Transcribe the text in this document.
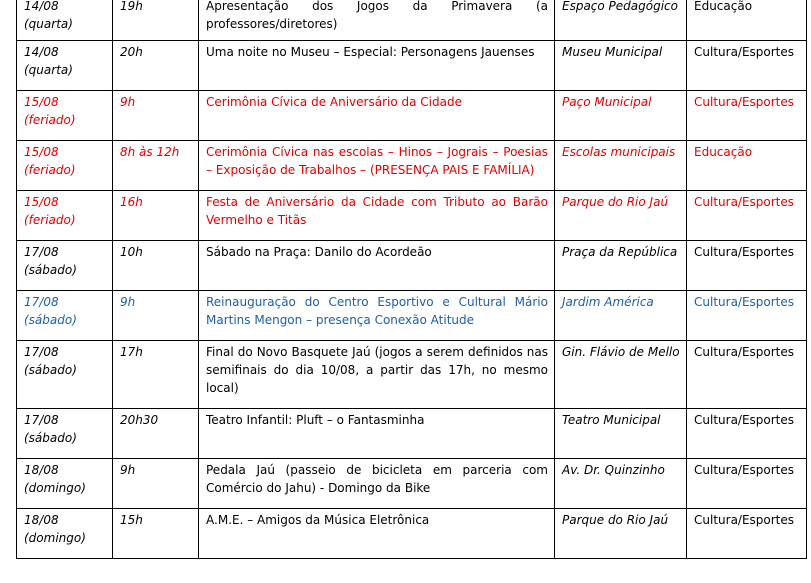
14/08
(quarta)	19h	Apresentação dos Jogos da Primavera (a professores/diretores)	Espaço Pedagógico	Educação

14/08
(quarta)	20h	Uma noite no Museu – Especial: Personagens Jauenses	Museu Municipal	Cultura/Esportes

15/08
(feriado)	9h	Cerimônia Cívica de Aniversário da Cidade	Paço Municipal	Cultura/Esportes

15/08
(feriado)	8h às 12h	Cerimônia Cívica nas escolas – Hinos – Jograis – Poesias – Exposição de Trabalhos – (PRESENÇA PAIS E FAMÍLIA)	Escolas municipais	Educação

15/08
(feriado)	16h	Festa de Aniversário da Cidade com Tributo ao Barão Vermelho e Titãs	Parque do Rio Jaú	Cultura/Esportes

17/08
(sábado)	10h	Sábado na Praça: Danilo do Acordeão	Praça da República	Cultura/Esportes

17/08
(sábado)	9h	Reinauguração do Centro Esportivo e Cultural Mário Martins Mengon – presença Conexão Atitude	Jardim América	Cultura/Esportes

17/08
(sábado)	17h	Final do Novo Basquete Jaú (jogos a serem definidos nas semifinais do dia 10/08, a partir das 17h, no mesmo local)	Gin. Flávio de Mello	Cultura/Esportes

17/08
(sábado)	20h30	Teatro Infantil: Pluft – o Fantasminha	Teatro Municipal	Cultura/Esportes

18/08
(domingo)	9h	Pedala Jaú (passeio de bicicleta em parceria com Comércio do Jahu) - Domingo da Bike	Av. Dr. Quinzinho	Cultura/Esportes

18/08
(domingo)	15h	A.M.E. – Amigos da Música Eletrônica	Parque do Rio Jaú	Cultura/Esportes
